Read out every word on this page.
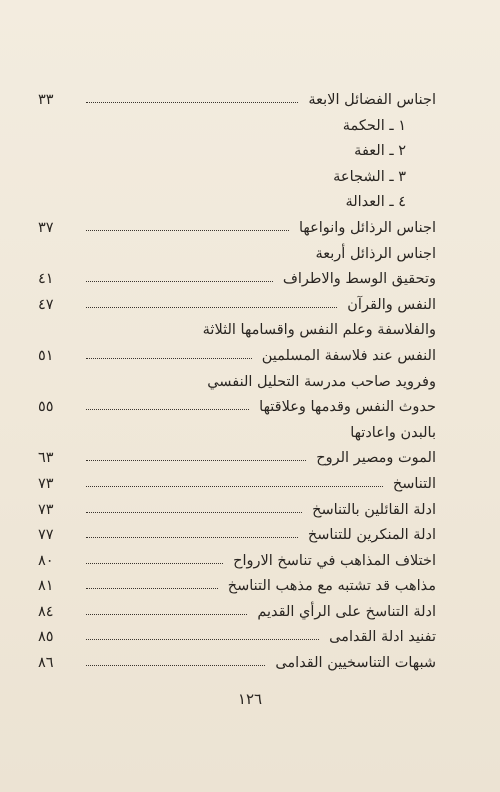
اجناس الفضائل الابعة
٣٣
١ ـ الحكمة
٢ ـ العفة
٣ ـ الشجاعة
٤ ـ العدالة
اجناس الرذائل وانواعها
٣٧
اجناس الرذائل أربعة
وتحقيق الوسط والاطراف
٤١
النفس والقرآن
٤٧
والفلاسفة وعلم النفس واقسامها الثلاثة
النفس عند فلاسفة المسلمين
٥١
وفرويد صاحب مدرسة التحليل النفسي
حدوث النفس وقدمها وعلاقتها
٥٥
بالبدن واعادتها
الموت ومصير الروح
٦٣
التناسخ
٧٣
ادلة القائلين بالتناسخ
٧٣
ادلة المنكرين للتناسخ
٧٧
اختلاف المذاهب في تناسخ الارواح
٨٠
مذاهب قد تشتبه مع مذهب التناسخ
٨١
ادلة التناسخ على الرأي القديم
٨٤
تفنيد ادلة القدامى
٨٥
شبهات التناسخيين القدامى
٨٦
١٢٦
